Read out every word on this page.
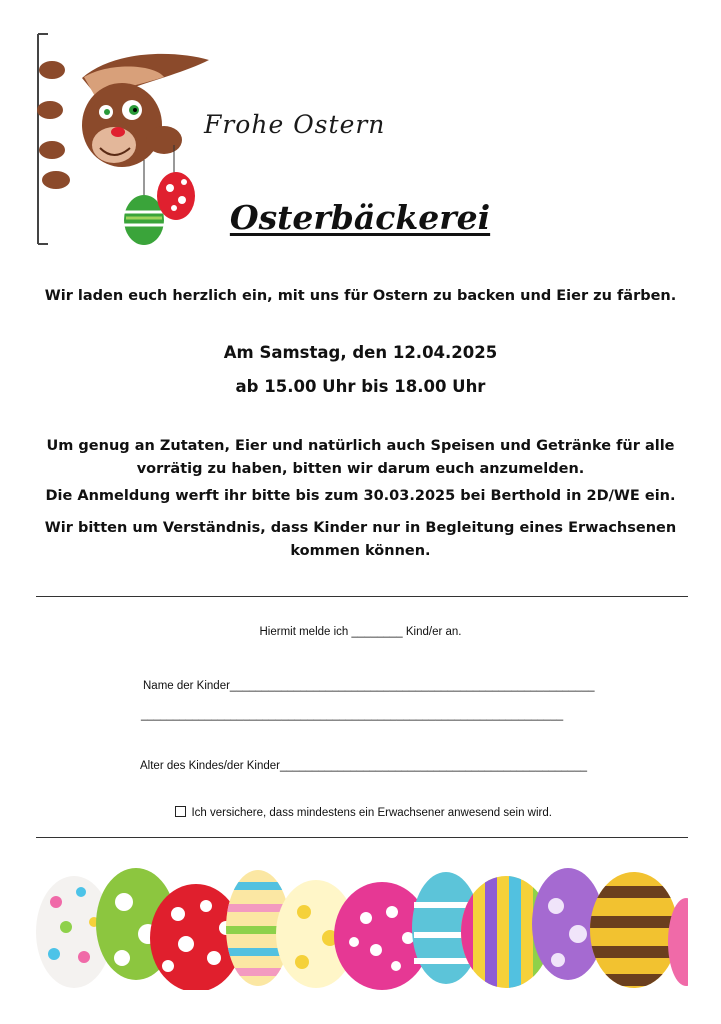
Frohe Ostern
Osterbäckerei
Wir laden euch herzlich ein, mit uns für Ostern zu backen und Eier zu färben.
Am Samstag, den 12.04.2025
ab 15.00 Uhr bis 18.00 Uhr
Um genug an Zutaten, Eier und natürlich auch Speisen und Getränke für alle vorrätig zu haben, bitten wir darum euch anzumelden.
Die Anmeldung werft ihr bitte bis zum 30.03.2025 bei Berthold in 2D/WE ein.
Wir bitten um Verständnis, dass Kinder nur in Begleitung eines Erwachsenen kommen können.
Hiermit melde ich ________ Kind/er an.
Name der Kinder_________________________________________________________
__________________________________________________________________
Alter des Kindes/der Kinder________________________________________________

Ich versichere, dass mindestens ein Erwachsener anwesend sein wird.
